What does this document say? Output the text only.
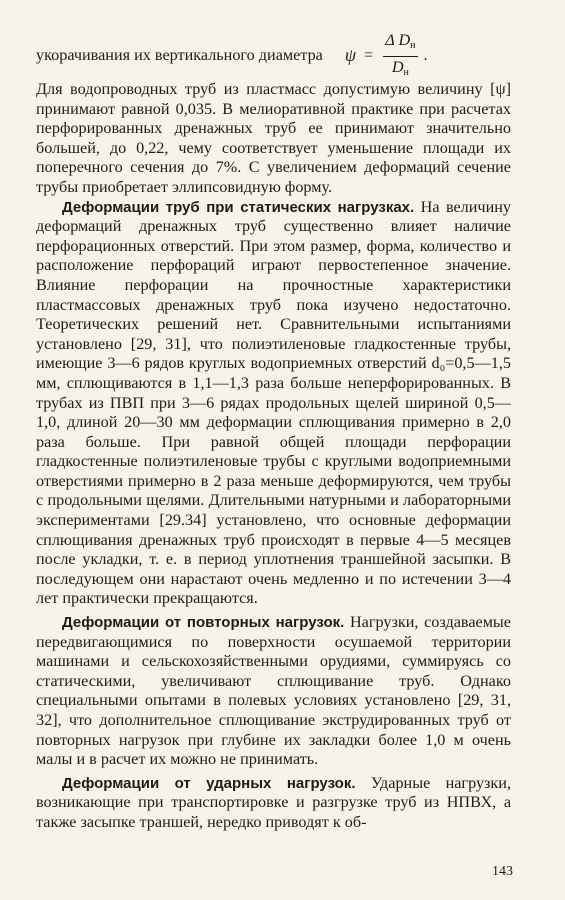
укорачивания их вертикального диаметра $\psi = \frac{\Delta D_н}{D_н}$ .

Для водопроводных труб из пластмасс допустимую величину [ψ] принимают равной 0,035. В мелиоративной практике при расчетах перфорированных дренажных труб ее принимают значительно большей, до 0,22, чему соответствует уменьшение площади их поперечного сечения до 7%. С увеличением деформаций сечение трубы приобретает эллипсовидную форму.

Деформации труб при статических нагрузках. На величину деформаций дренажных труб существенно влияет наличие перфорационных отверстий. При этом размер, форма, количество и расположение перфораций играют первостепенное значение. Влияние перфорации на прочностные характеристики пластмассовых дренажных труб пока изучено недостаточно. Теоретических решений нет. Сравнительными испытаниями установлено [29, 31], что полиэтиленовые гладкостенные трубы, имеющие 3—6 рядов круглых водоприемных отверстий d₀=0,5—1,5 мм, сплющиваются в 1,1—1,3 раза больше неперфорированных. В трубах из ПВП при 3—6 рядах продольных щелей шириной 0,5—1,0, длиной 20—30 мм деформации сплющивания примерно в 2,0 раза больше. При равной общей площади перфорации гладкостенные полиэтиленовые трубы с круглыми водоприемными отверстиями примерно в 2 раза меньше деформируются, чем трубы с продольными щелями. Длительными натурными и лабораторными экспериментами [29.34] установлено, что основные деформации сплющивания дренажных труб происходят в первые 4—5 месяцев после укладки, т. е. в период уплотнения траншейной засыпки. В последующем они нарастают очень медленно и по истечении 3—4 лет практически прекращаются.

Деформации от повторных нагрузок. Нагрузки, создаваемые передвигающимися по поверхности осушаемой территории машинами и сельскохозяйственными орудиями, суммируясь со статическими, увеличивают сплющивание труб. Однако специальными опытами в полевых условиях установлено [29, 31, 32], что дополнительное сплющивание экструдированных труб от повторных нагрузок при глубине их закладки более 1,0 м очень малы и в расчет их можно не принимать.

Деформации от ударных нагрузок. Ударные нагрузки, возникающие при транспортировке и разгрузке труб из НПВХ, а также засыпке траншей, нередко приводят к об-

143
